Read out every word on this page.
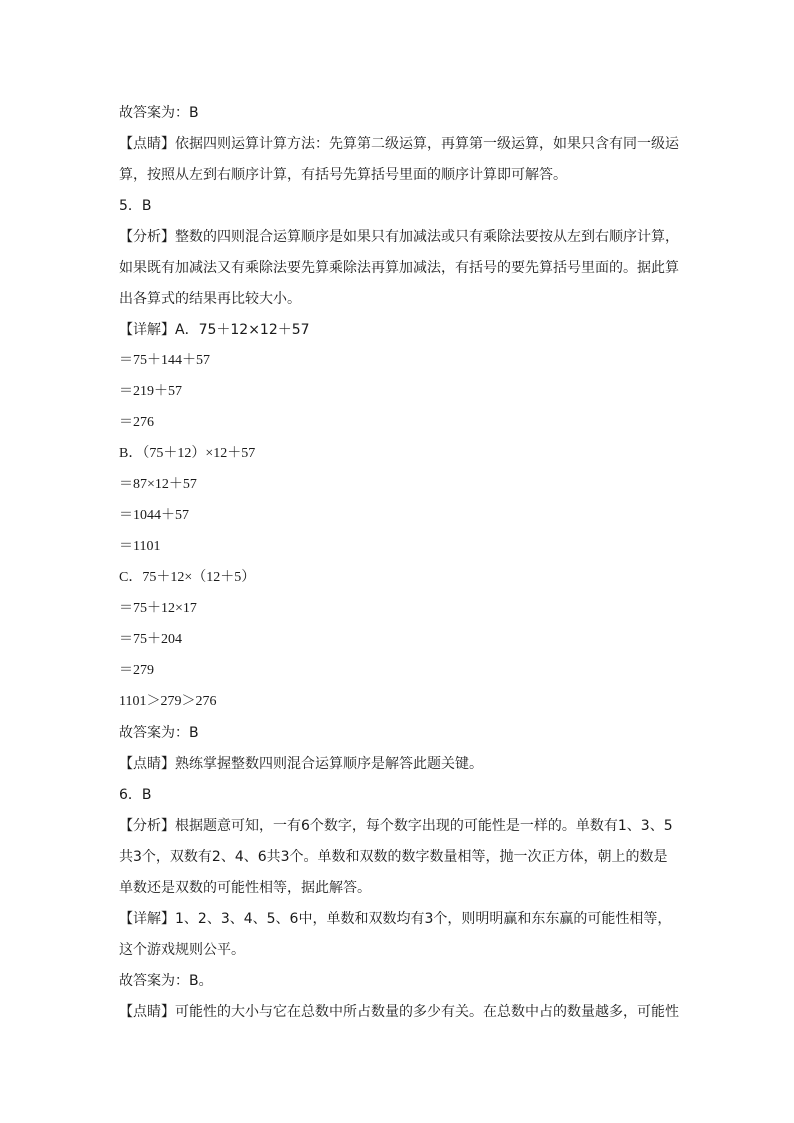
故答案为：B
【点睛】依据四则运算计算方法：先算第二级运算，再算第一级运算，如果只含有同一级运
算，按照从左到右顺序计算，有括号先算括号里面的顺序计算即可解答。
5．B
【分析】整数的四则混合运算顺序是如果只有加减法或只有乘除法要按从左到右顺序计算，
如果既有加减法又有乘除法要先算乘除法再算加减法，有括号的要先算括号里面的。据此算
出各算式的结果再比较大小。
【详解】A．75＋12×12＋57
＝75＋144＋57
＝219＋57
＝276
B．（75＋12）×12＋57
＝87×12＋57
＝1044＋57
＝1101
C．75＋12×（12＋5）
＝75＋12×17
＝75＋204
＝279
1101＞279＞276
故答案为：B
【点睛】熟练掌握整数四则混合运算顺序是解答此题关键。
6．B
【分析】根据题意可知，一有6个数字，每个数字出现的可能性是一样的。单数有1、3、5
共3个，双数有2、4、6共3个。单数和双数的数字数量相等，抛一次正方体，朝上的数是
单数还是双数的可能性相等，据此解答。
【详解】1、2、3、4、5、6中，单数和双数均有3个，则明明赢和东东赢的可能性相等，
这个游戏规则公平。
故答案为：B。
【点睛】可能性的大小与它在总数中所占数量的多少有关。在总数中占的数量越多，可能性
